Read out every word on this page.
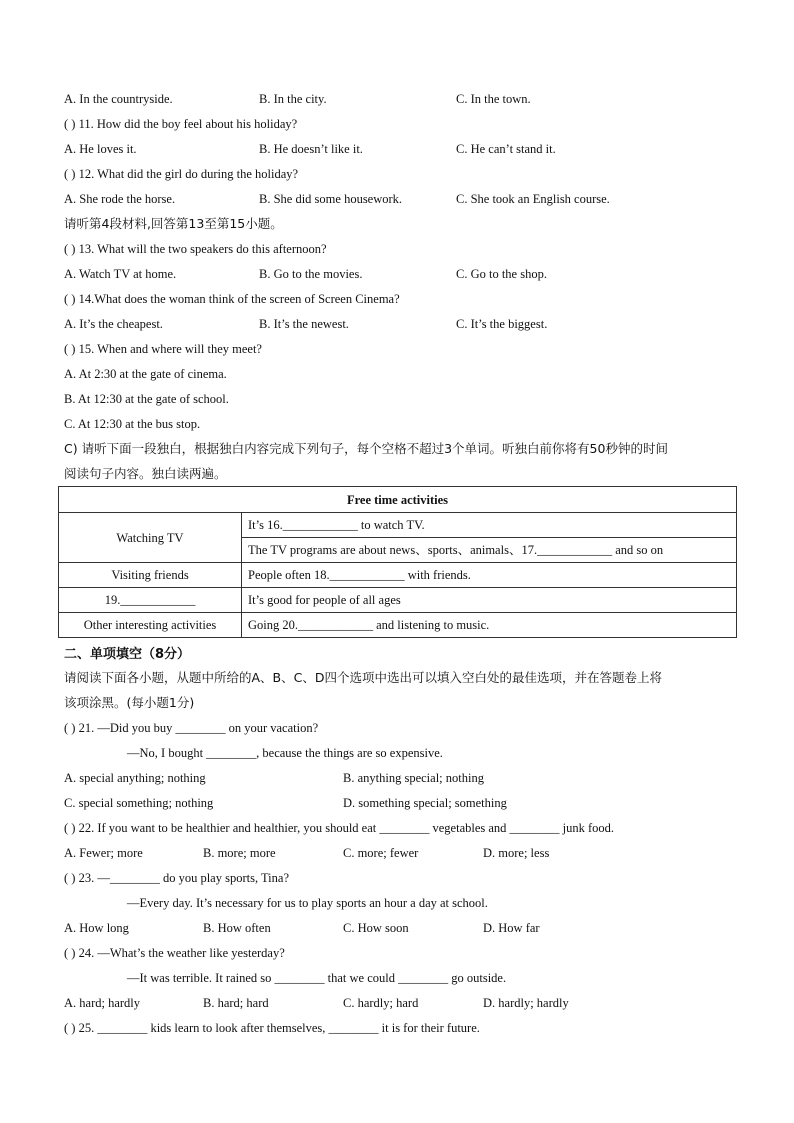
A. In the countryside.	B. In the city.	C. In the town.
( ) 11. How did the boy feel about his holiday?
A. He loves it.	B. He doesn’t like it.	C. He can’t stand it.
( ) 12. What did the girl do during the holiday?
A. She rode the horse.	B. She did some housework.	C. She took an English course.
请听第4段材料,回答第13至第15小题。
( ) 13. What will the two speakers do this afternoon?
A. Watch TV at home.	B. Go to the movies.	C. Go to the shop.
( ) 14.What does the woman think of the screen of Screen Cinema?
A. It’s the cheapest.	B. It’s the newest.	C. It’s the biggest.
( ) 15. When and where will they meet?
A. At 2:30 at the gate of cinema.
B. At 12:30 at the gate of school.
C. At 12:30 at the bus stop.
C) 请听下面一段独白，根据独白内容完成下列句子，每个空格不超过3个单词。听独白前你将有50秒钟的时间
阅读句子内容。独白读两遍。
Free time activities	
Watching TV	It’s 16.____________ to watch TV.
	The TV programs are about news、sports、animals、17.____________ and so on
Visiting friends	People often 18.____________ with friends.
19.____________	It’s good for people of all ages
Other interesting activities	Going 20.____________ and listening to music.
二、单项填空（8分）
请阅读下面各小题，从题中所给的A、B、C、D四个选项中选出可以填入空白处的最佳选项，并在答题卷上将
该项涂黑。(每小题1分)
( ) 21. —Did you buy ________ on your vacation?
—No, I bought ________, because the things are so expensive.
A. special anything; nothing	B. anything special; nothing
C. special something; nothing	D. something special; something
( ) 22. If you want to be healthier and healthier, you should eat ________ vegetables and ________ junk food.
A. Fewer; more	B. more; more	C. more; fewer	D. more; less
( ) 23. —________ do you play sports, Tina?
—Every day. It’s necessary for us to play sports an hour a day at school.
A. How long	B. How often	C. How soon	D. How far
( ) 24. —What’s the weather like yesterday?
—It was terrible. It rained so ________ that we could ________ go outside.
A. hard; hardly	B. hard; hard	C. hardly; hard	D. hardly; hardly
( ) 25. ________ kids learn to look after themselves, ________ it is for their future.
